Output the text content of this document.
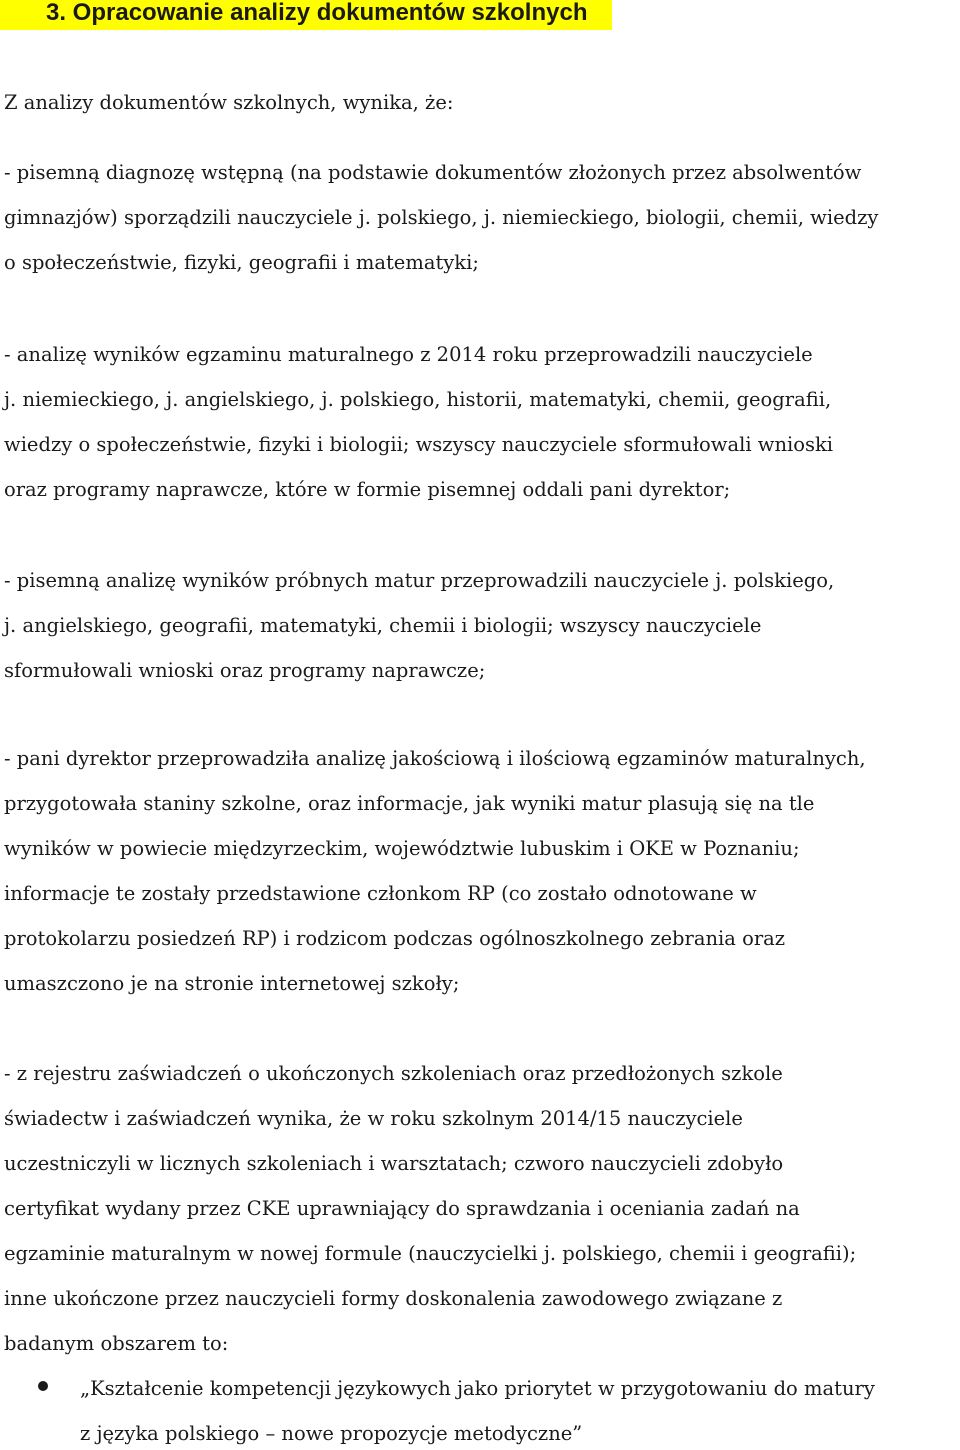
3. Opracowanie analizy dokumentów szkolnych
Z analizy dokumentów szkolnych, wynika, że:
- pisemną diagnozę wstępną (na podstawie dokumentów złożonych przez absolwentów
gimnazjów) sporządzili nauczyciele j. polskiego, j. niemieckiego, biologii, chemii, wiedzy
o społeczeństwie, fizyki, geografii i matematyki;
- analizę wyników egzaminu maturalnego z 2014 roku przeprowadzili nauczyciele
j. niemieckiego, j. angielskiego, j. polskiego, historii, matematyki, chemii, geografii,
wiedzy o społeczeństwie, fizyki i biologii; wszyscy nauczyciele sformułowali wnioski
oraz programy naprawcze, które w formie pisemnej oddali pani dyrektor;
- pisemną analizę wyników próbnych matur przeprowadzili nauczyciele j. polskiego,
j. angielskiego, geografii, matematyki, chemii i biologii; wszyscy nauczyciele
sformułowali wnioski oraz programy naprawcze;
- pani dyrektor przeprowadziła analizę jakościową i ilościową egzaminów maturalnych,
przygotowała staniny szkolne, oraz informacje, jak wyniki matur plasują się na tle
wyników w powiecie międzyrzeckim, województwie lubuskim i OKE w Poznaniu;
informacje te zostały przedstawione członkom RP (co zostało odnotowane w
protokolarzu posiedzeń RP) i rodzicom podczas ogólnoszkolnego zebrania oraz
umaszczono je na stronie internetowej szkoły;
- z rejestru zaświadczeń o ukończonych szkoleniach oraz przedłożonych szkole
świadectw i zaświadczeń wynika, że w roku szkolnym 2014/15 nauczyciele
uczestniczyli w licznych szkoleniach i warsztatach; czworo nauczycieli zdobyło
certyfikat wydany przez CKE uprawniający do sprawdzania i oceniania zadań na
egzaminie maturalnym w nowej formule (nauczycielki j. polskiego, chemii i geografii);
inne ukończone przez nauczycieli formy doskonalenia zawodowego związane z
badanym obszarem to:
„Kształcenie kompetencji językowych jako priorytet w przygotowaniu do matury
z języka polskiego – nowe propozycje metodyczne”
